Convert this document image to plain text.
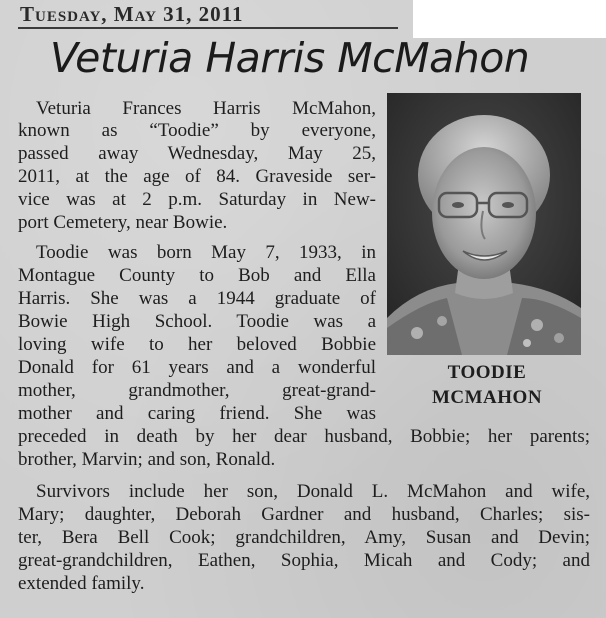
Tuesday, May 31, 2011
Veturia Harris McMahon
TOODIE
MCMAHON
Veturia Frances Harris McMahon,
known as “Toodie” by everyone,
passed away Wednesday, May 25,
2011, at the age of 84. Graveside ser-
vice was at 2 p.m. Saturday in New-
port Cemetery, near Bowie.
Toodie was born May 7, 1933, in
Montague County to Bob and Ella
Harris. She was a 1944 graduate of
Bowie High School. Toodie was a
loving wife to her beloved Bobbie
Donald for 61 years and a wonderful
mother, grandmother, great-grand-
mother and caring friend. She was
preceded in death by her dear husband, Bobbie; her parents;
brother, Marvin; and son, Ronald.
Survivors include her son, Donald L. McMahon and wife,
Mary; daughter, Deborah Gardner and husband, Charles; sis-
ter, Bera Bell Cook; grandchildren, Amy, Susan and Devin;
great-grandchildren, Eathen, Sophia, Micah and Cody; and
extended family.
